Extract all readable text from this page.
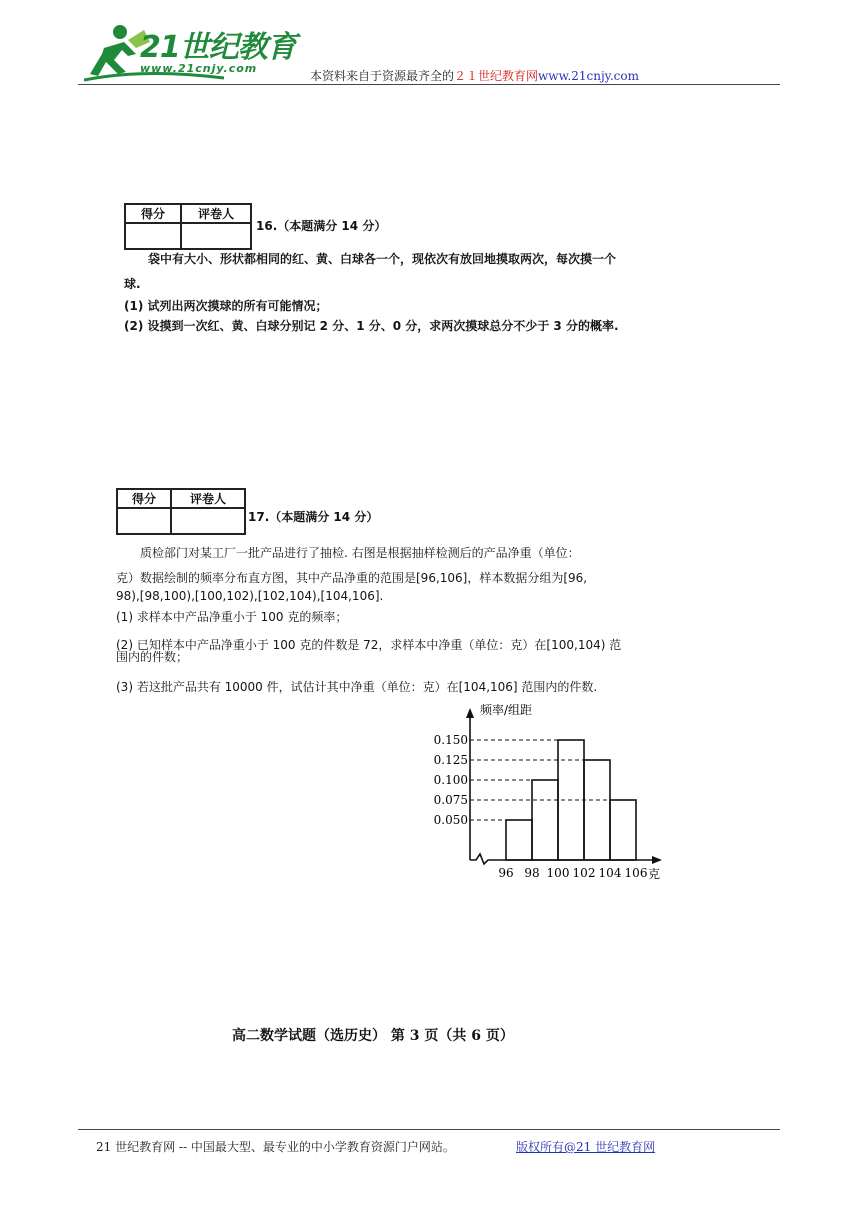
21世纪教育
www.21cnjy.com
本资料来自于资源最齐全的２１世纪教育网www.21cnjy.com
得分	评卷人

16.（本题满分 14 分）
袋中有大小、形状都相同的红、黄、白球各一个，现依次有放回地摸取两次，每次摸一个
球.
(1) 试列出两次摸球的所有可能情况；
(2) 设摸到一次红、黄、白球分别记 2 分、1 分、0 分，求两次摸球总分不少于 3 分的概率.
得分	评卷人

17.（本题满分 14 分）
质检部门对某工厂一批产品进行了抽检. 右图是根据抽样检测后的产品净重（单位：
克）数据绘制的频率分布直方图，其中产品净重的范围是[96,106]，样本数据分组为[96,
98),[98,100),[100,102),[102,104),[104,106].
(1) 求样本中产品净重小于 100 克的频率；
(2) 已知样本中产品净重小于 100 克的件数是 72，求样本中净重（单位：克）在[100,104) 范
围内的件数；
(3) 若这批产品共有 10000 件，试估计其中净重（单位：克）在[104,106] 范围内的件数.
0.050
0.075
0.100
0.125
0.150
96 98 100 102 104 106
频率/组距
克
高二数学试题（选历史） 第 3 页（共 6 页）
21 世纪教育网 -- 中国最大型、最专业的中小学教育资源门户网站。	版权所有@21 世纪教育网
